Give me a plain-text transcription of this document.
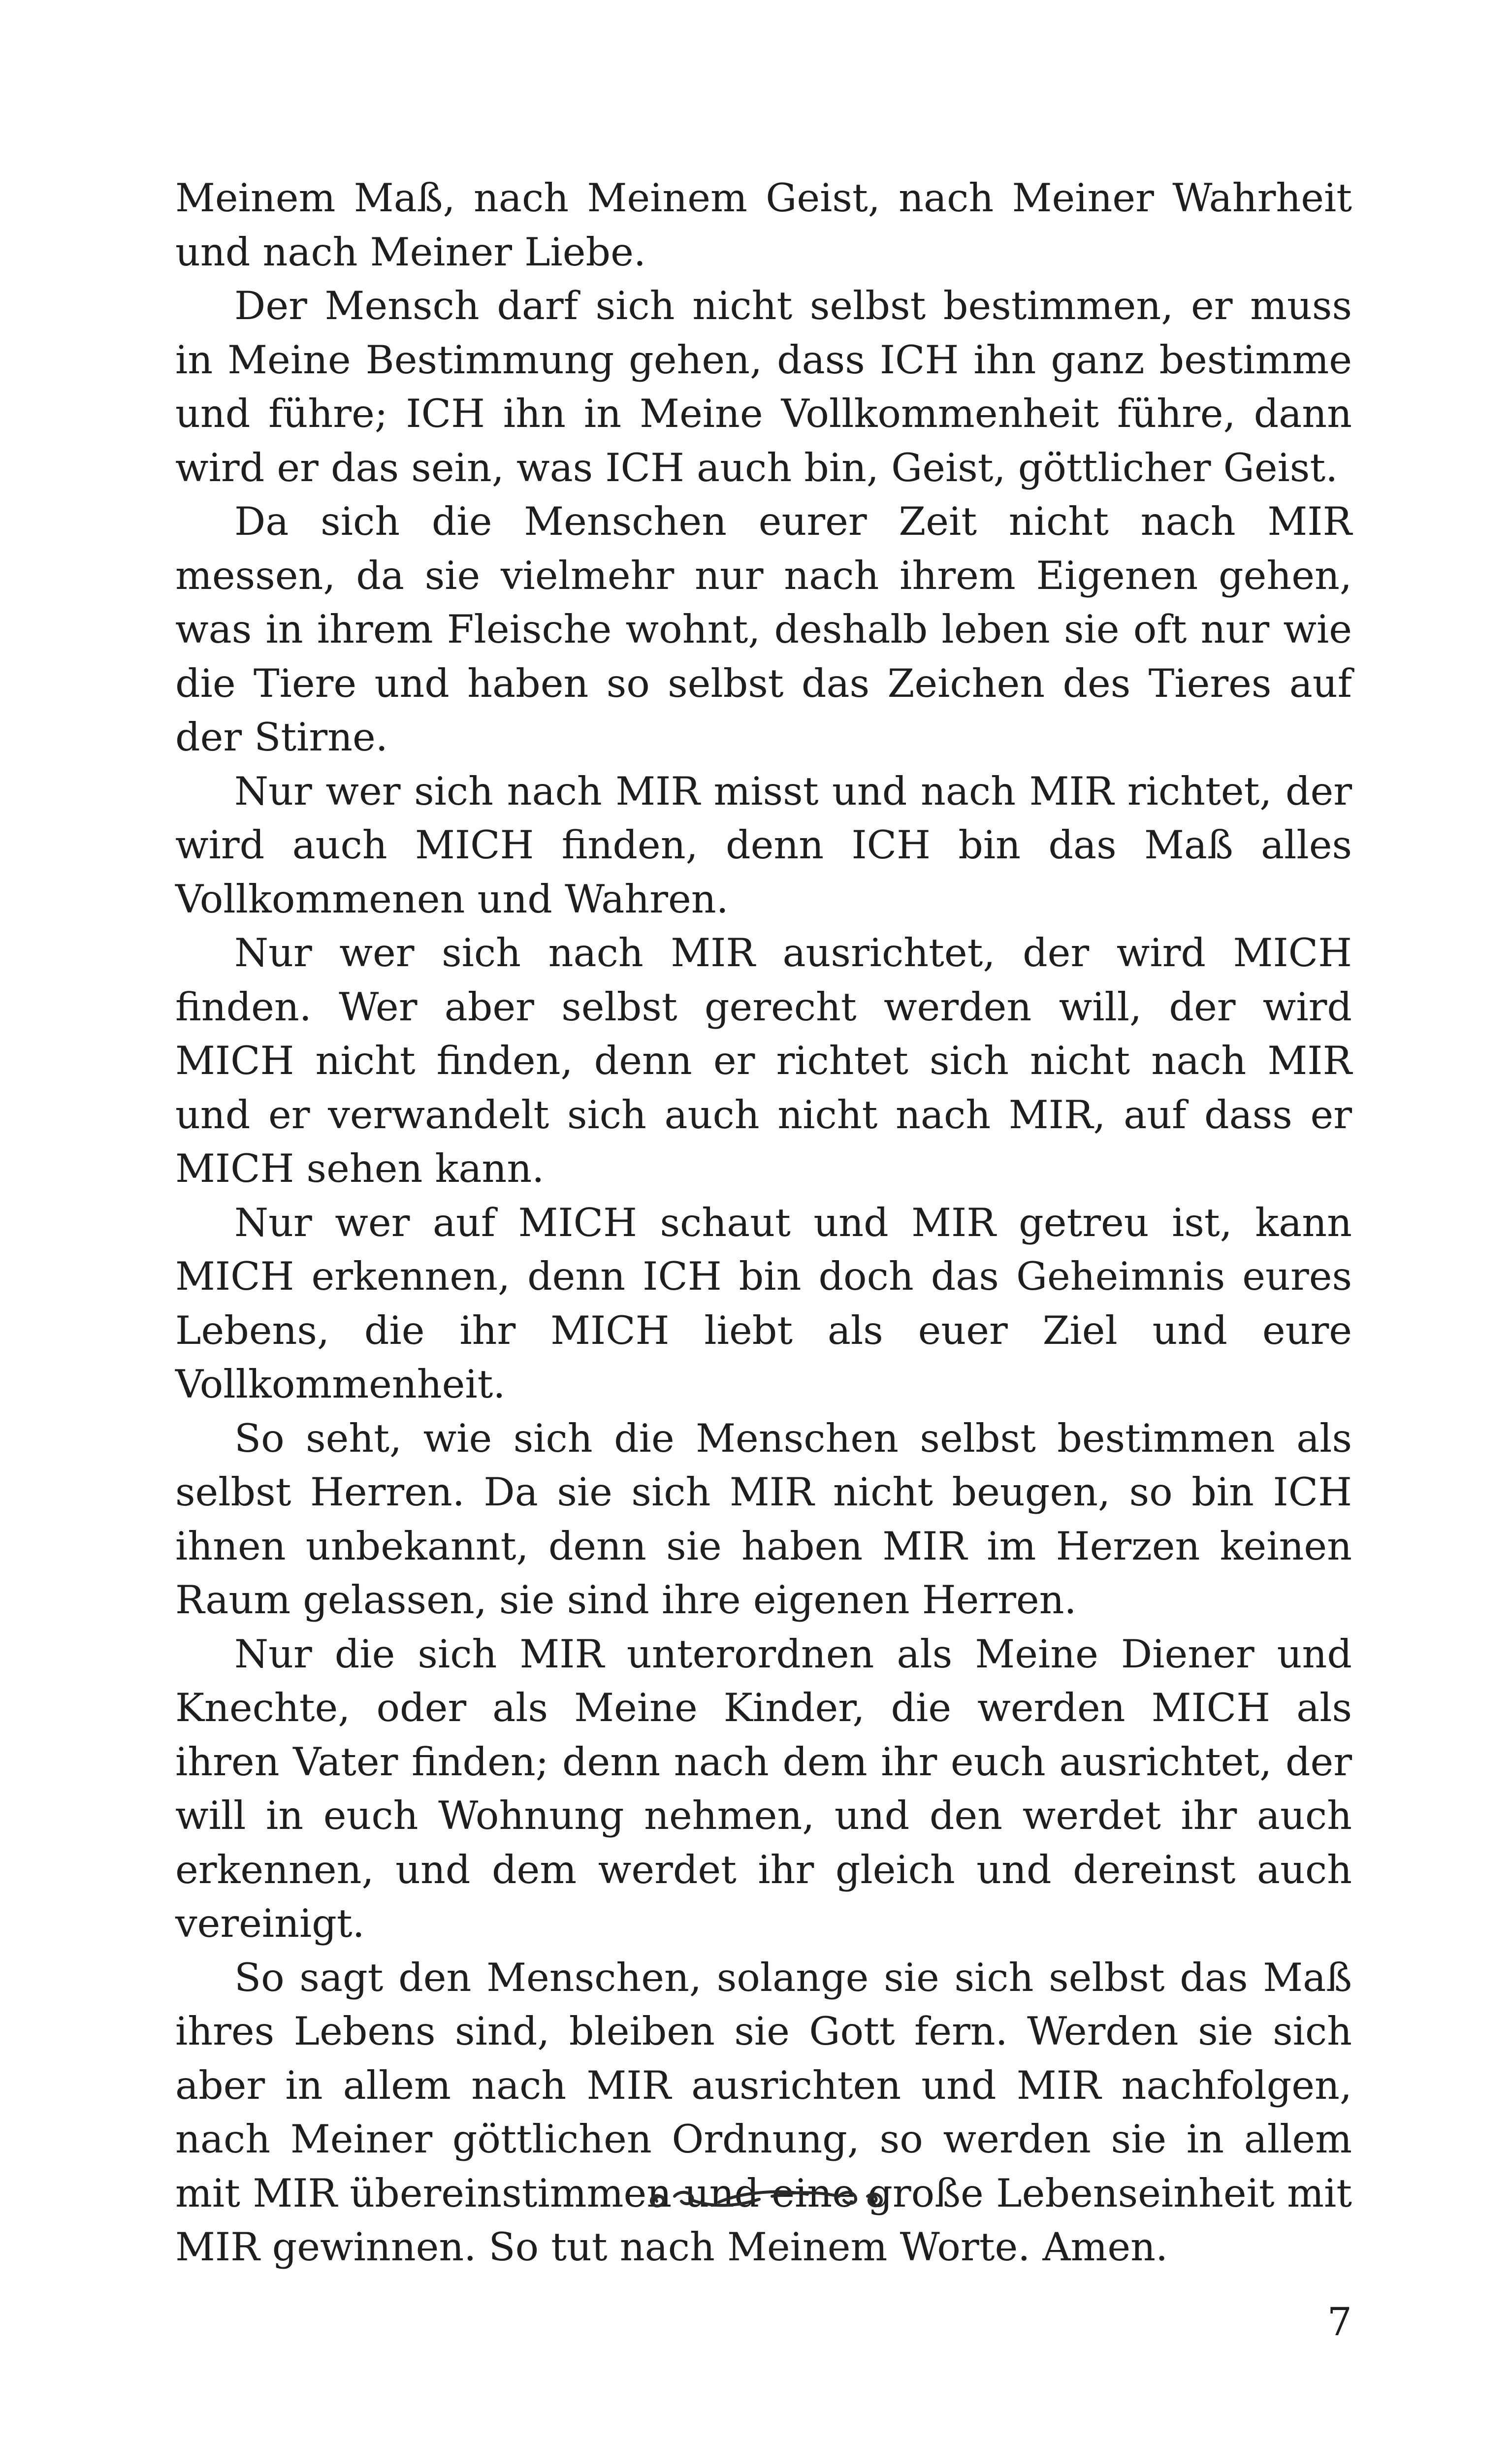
Meinem Maß, nach Meinem Geist, nach Meiner Wahrheit und nach Meiner Liebe.

Der Mensch darf sich nicht selbst bestimmen, er muss in Meine Bestimmung gehen, dass ICH ihn ganz bestimme und führe; ICH ihn in Meine Vollkommenheit führe, dann wird er das sein, was ICH auch bin, Geist, göttlicher Geist.

Da sich die Menschen eurer Zeit nicht nach MIR messen, da sie vielmehr nur nach ihrem Eigenen gehen, was in ihrem Fleische wohnt, deshalb leben sie oft nur wie die Tiere und haben so selbst das Zeichen des Tieres auf der Stirne.

Nur wer sich nach MIR misst und nach MIR richtet, der wird auch MICH finden, denn ICH bin das Maß alles Vollkommenen und Wahren.

Nur wer sich nach MIR ausrichtet, der wird MICH finden. Wer aber selbst gerecht werden will, der wird MICH nicht finden, denn er richtet sich nicht nach MIR und er verwandelt sich auch nicht nach MIR, auf dass er MICH sehen kann.

Nur wer auf MICH schaut und MIR getreu ist, kann MICH erkennen, denn ICH bin doch das Geheimnis eures Lebens, die ihr MICH liebt als euer Ziel und eure Vollkommenheit.

So seht, wie sich die Menschen selbst bestimmen als selbst Herren. Da sie sich MIR nicht beugen, so bin ICH ihnen unbekannt, denn sie haben MIR im Herzen keinen Raum gelassen, sie sind ihre eigenen Herren.

Nur die sich MIR unterordnen als Meine Diener und Knechte, oder als Meine Kinder, die werden MICH als ihren Vater finden; denn nach dem ihr euch ausrichtet, der will in euch Wohnung nehmen, und den werdet ihr auch erkennen, und dem werdet ihr gleich und dereinst auch vereinigt.

So sagt den Menschen, solange sie sich selbst das Maß ihres Lebens sind, bleiben sie Gott fern. Werden sie sich aber in allem nach MIR ausrichten und MIR nachfolgen, nach Meiner göttlichen Ordnung, so werden sie in allem mit MIR übereinstimmen und eine große Lebenseinheit mit MIR gewinnen. So tut nach Meinem Worte. Amen.

7
